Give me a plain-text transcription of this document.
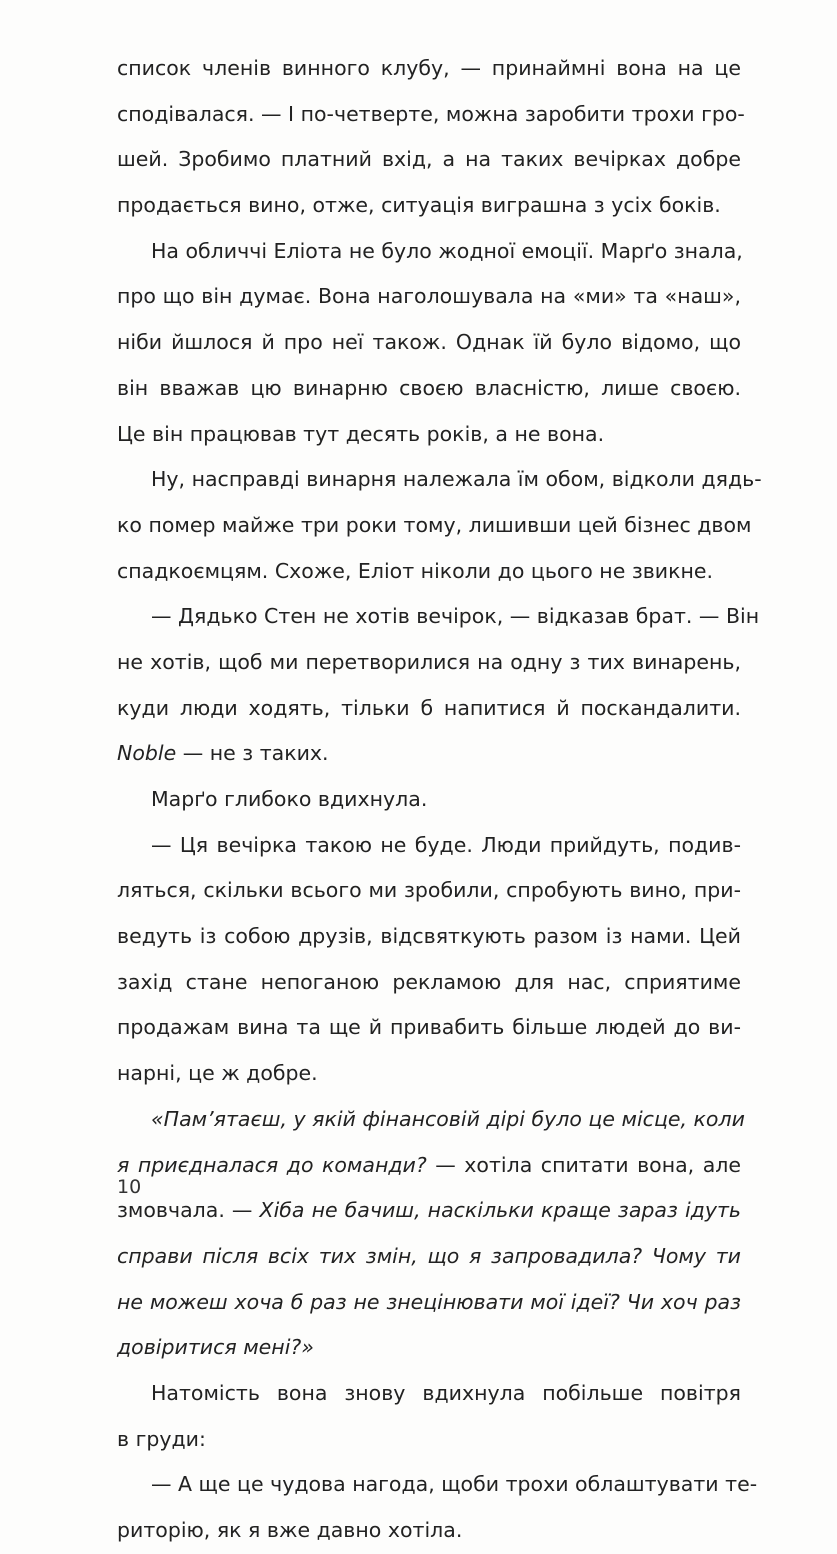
список членів винного клубу, — принаймні вона на це
сподівалася. — І по-четверте, можна заробити трохи гро-
шей. Зробимо платний вхід, а на таких вечірках добре
продається вино, отже, ситуація виграшна з усіх боків.
На обличчі Еліота не було жодної емоції. Марґо знала,
про що він думає. Вона наголошувала на «ми» та «наш»,
ніби йшлося й про неї також. Однак їй було відомо, що
він вважав цю винарню своєю власністю, лише своєю.
Це він працював тут десять років, а не вона.
Ну, насправді винарня належала їм обом, відколи дядь-
ко помер майже три роки тому, лишивши цей бізнес двом
спадкоємцям. Схоже, Еліот ніколи до цього не звикне.
— Дядько Стен не хотів вечірок, — відказав брат. — Він
не хотів, щоб ми перетворилися на одну з тих винарень,
куди люди ходять, тільки б напитися й поскандалити.
Noble — не з таких.
Марґо глибоко вдихнула.
— Ця вечірка такою не буде. Люди прийдуть, подив-
ляться, скільки всього ми зробили, спробують вино, при-
ведуть із собою друзів, відсвяткують разом із нами. Цей
захід стане непоганою рекламою для нас, сприятиме
продажам вина та ще й привабить більше людей до ви-
нарні, це ж добре.
«Пам’ятаєш, у якій фінансовій дірі було це місце, коли
я приєдналася до команди? — хотіла спитати вона, але
змовчала. — Хіба не бачиш, наскільки краще зараз ідуть
справи після всіх тих змін, що я запровадила? Чому ти
не можеш хоча б раз не знецінювати мої ідеї? Чи хоч раз
довіритися мені?»
Натомість вона знову вдихнула побільше повітря
в груди:
— А ще це чудова нагода, щоби трохи облаштувати те-
риторію, як я вже давно хотіла.
10
